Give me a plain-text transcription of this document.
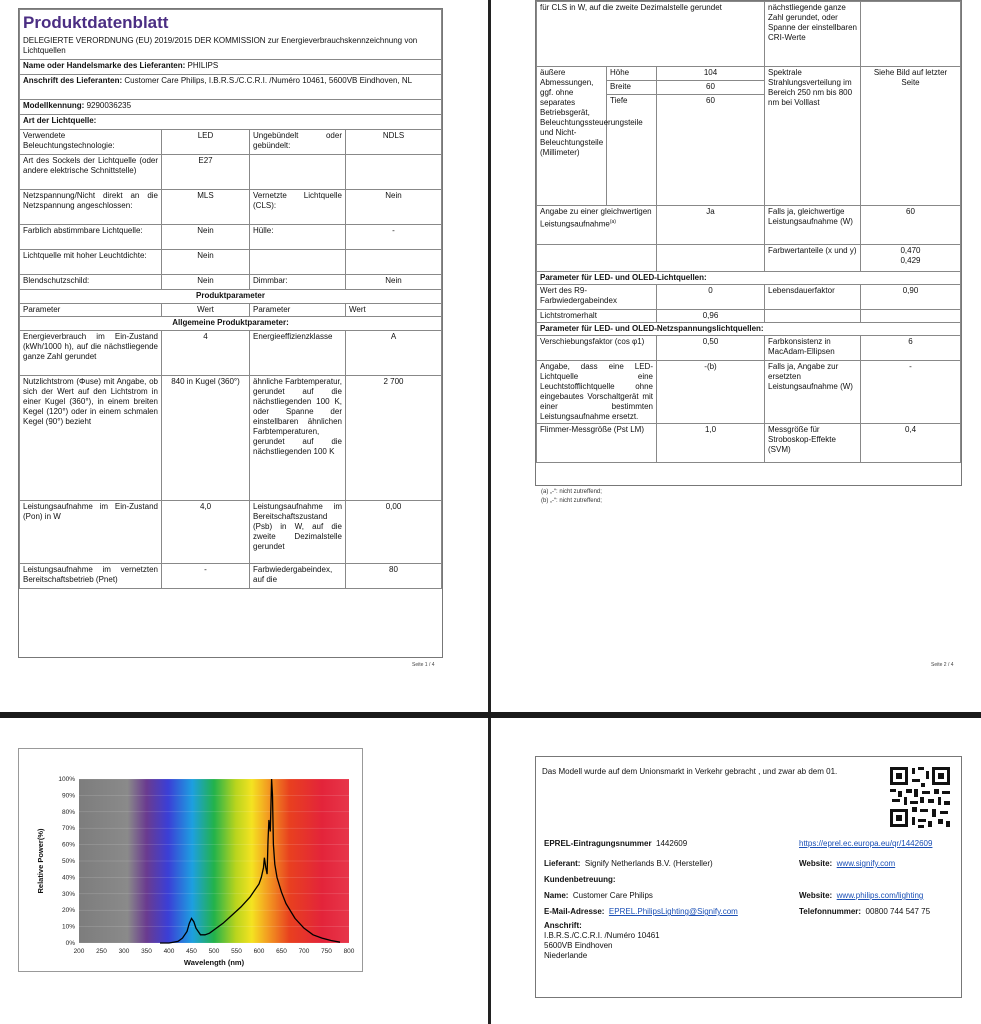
Produktdatenblatt
DELEGIERTE VERORDNUNG (EU) 2019/2015 DER KOMMISSION zur Energieverbrauchskennzeichnung von Lichtquellen			

Name oder Handelsmarke des Lieferanten: PHILIPS			
Anschrift des Lieferanten: Customer Care Philips, I.B.R.S./C.C.R.I. /Numéro 10461, 5600VB Eindhoven, NL			
Modellkennung: 9290036235			
Art der Lichtquelle:			
Verwendete Beleuchtungstechnologie:	LED	Ungebündelt oder gebündelt:	NDLS
Art des Sockels der Lichtquelle (oder andere elektrische Schnittstelle)	E27		
Netzspannung/Nicht direkt an die Netzspannung angeschlossen:	MLS	Vernetzte Lichtquelle (CLS):	Nein
Farblich abstimmbare Lichtquelle:	Nein	Hülle:	-
Lichtquelle mit hoher Leuchtdichte:	Nein		
Blendschutzschild:	Nein	Dimmbar:	Nein
Produktparameter			
Parameter	Wert	Parameter	Wert
Allgemeine Produktparameter:			
Energieverbrauch im Ein-Zustand (kWh/1000 h), auf die nächstliegende ganze Zahl gerundet	4	Energieeffizienzklasse	A
Nutzlichtstrom (Φuse) mit Angabe, ob sich der Wert auf den Lichtstrom in einer Kugel (360°), in einem breiten Kegel (120°) oder in einem schmalen Kegel (90°) bezieht	840 in Kugel (360°)	ähnliche Farbtemperatur, gerundet auf die nächstliegenden 100 K, oder Spanne der einstellbaren ähnlichen Farbtemperaturen, gerundet auf die nächstliegenden 100 K	2 700
Leistungsaufnahme im Ein-Zustand (Pon) in W	4,0	Leistungsaufnahme im Bereitschaftszustand (Psb) in W, auf die zweite Dezimalstelle gerundet	0,00
Leistungsaufnahme im vernetzten Bereitschaftsbetrieb (Pnet)	-	Farbwiedergabeindex, auf die	80
Seite 1 / 4
für CLS in W, auf die zweite Dezimalstelle gerundet			nächstliegende ganze Zahl gerundet, oder Spanne der einstellbaren CRI-Werte	
äußere Abmessungen, ggf. ohne separates Betriebsgerät, Beleuchtungssteuerungsteile und Nicht-Beleuchtungsteile (Millimeter)	Höhe	104	Spektrale Strahlungsverteilung im Bereich 250 nm bis 800 nm bei Volllast	Siehe Bild auf letzter Seite
	Breite	60		
	Tiefe	60		
Angabe zu einer gleichwertigen Leistungsaufnahme$^{(a)}$		Ja	Falls ja, gleichwertige Leistungsaufnahme (W)	60
			Farbwertanteile (x und y)	0,470
0,429
Parameter für LED- und OLED-Lichtquellen:				
Wert des R9-Farbwiedergabeindex		0	Lebensdauerfaktor	0,90
Lichtstromerhalt		0,96		
Parameter für LED- und OLED-Netzspannungslichtquellen:				
Verschiebungsfaktor (cos φ1)		0,50	Farbkonsistenz in MacAdam-Ellipsen	6
Angabe, dass eine LED-Lichtquelle eine Leuchtstofflichtquelle ohne eingebautes Vorschaltgerät mit einer bestimmten Leistungsaufnahme ersetzt.		-(b)	Falls ja, Angabe zur ersetzten Leistungsaufnahme (W)	-
Flimmer-Messgröße (Pst LM)		1,0	Messgröße für Stroboskop-Effekte (SVM)	0,4
(a) „-“: nicht zutreffend;
(b) „-“: nicht zutreffend;
Seite 2 / 4
0%
10%
20%
30%
40%
50%
60%
70%
80%
90%
100%
200 250 300 350 400 450 500 550 600 650 700 750 800
Wavelength (nm)
Relative Power(%)
Das Modell wurde auf dem Unionsmarkt in Verkehr gebracht , und zwar ab dem 01.
EPREL-Eintragungsnummer 1442609	https://eprel.ec.europa.eu/qr/1442609

Lieferant: Signify Netherlands B.V. (Hersteller)	Website: www.signify.com

Kundenbetreuung:	

Name: Customer Care Philips	Website: www.philips.com/lighting

E-Mail-Adresse: EPREL.PhilipsLighting@Signify.com	Telefonnummer: 00800 744 547 75

Anschrift:	
I.B.R.S./C.C.R.I. /Numéro 10461	
5600VB Eindhoven	
Niederlande	
